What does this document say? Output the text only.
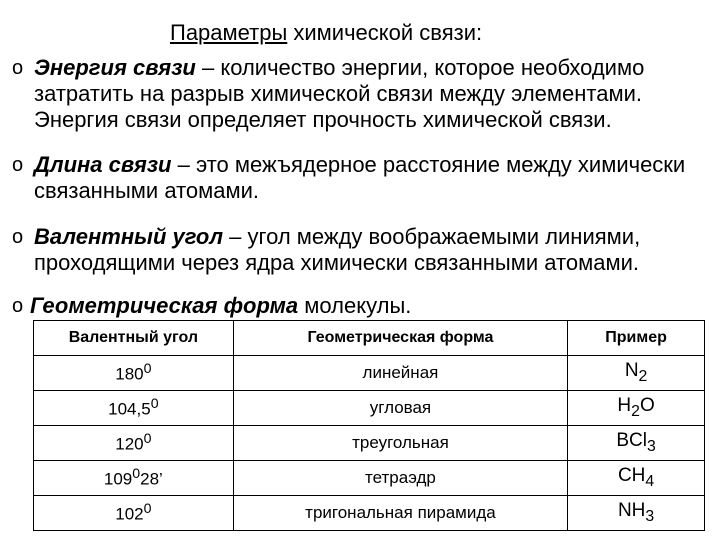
Параметры химической связи:
o Энергия связи – количество энергии, которое необходимо затратить на разрыв химической связи между элементами. Энергия связи определяет прочность химической связи.
o Длина связи – это межъядерное расстояние между химически связанными атомами.
o Валентный угол – угол между воображаемыми линиями, проходящими через ядра химически связанными атомами.
o Геометрическая форма молекулы.
Валентный угол	Геометрическая форма	Пример
$180^0$	линейная	$N_2$
104,5$^0$	угловая	$H_2O$
$120^0$	треугольная	BCl$_3$
$109^028$’	тетраэдр	$CH_4$
$102^0$	тригональная пирамида	$NH_3$
